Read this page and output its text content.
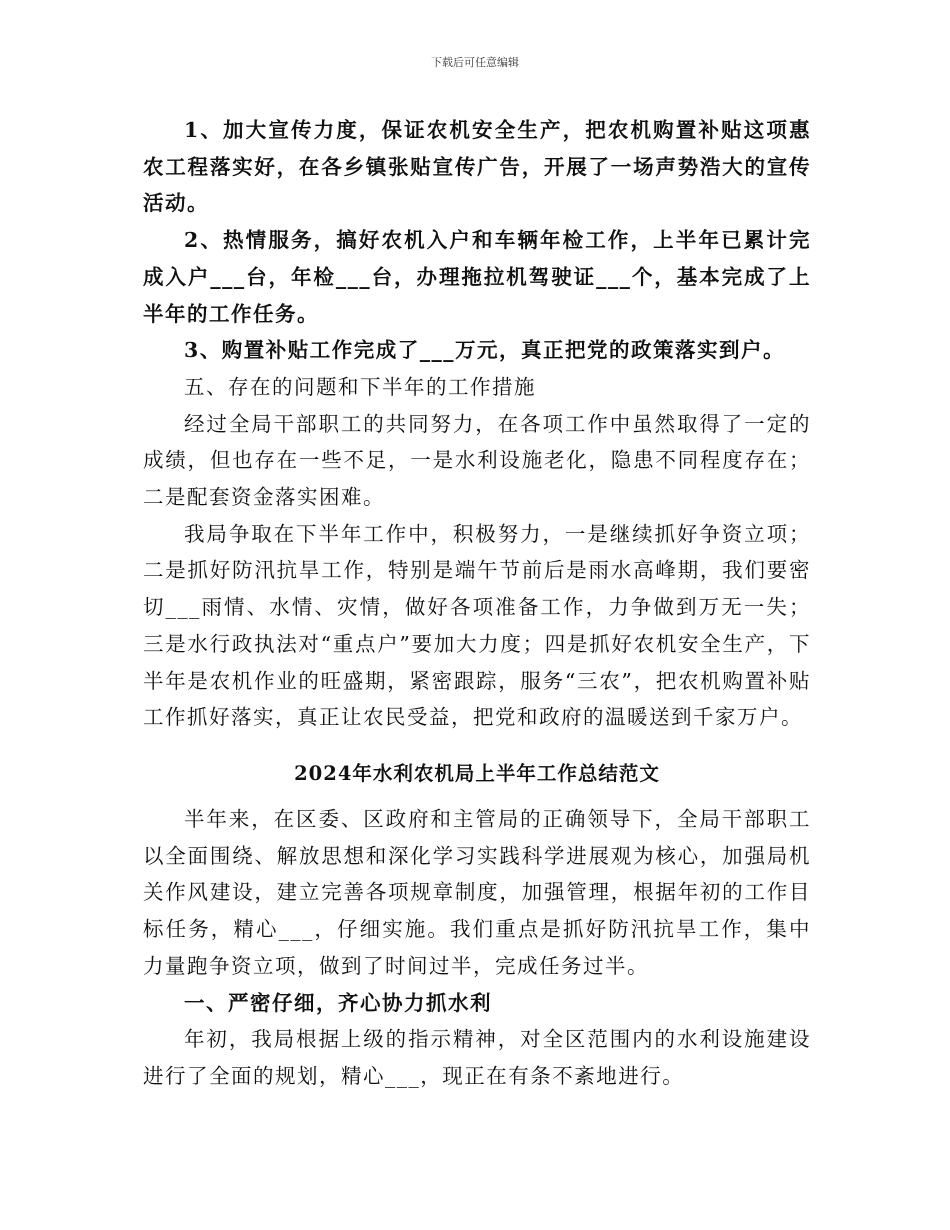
下载后可任意编辑

1、加大宣传力度，保证农机安全生产，把农机购置补贴这项惠农工程落实好，在各乡镇张贴宣传广告，开展了一场声势浩大的宣传活动。

2、热情服务，搞好农机入户和车辆年检工作，上半年已累计完成入户___台，年检___台，办理拖拉机驾驶证___个，基本完成了上半年的工作任务。

3、购置补贴工作完成了___万元，真正把党的政策落实到户。

五、存在的问题和下半年的工作措施

经过全局干部职工的共同努力，在各项工作中虽然取得了一定的成绩，但也存在一些不足，一是水利设施老化，隐患不同程度存在；二是配套资金落实困难。

我局争取在下半年工作中，积极努力，一是继续抓好争资立项；二是抓好防汛抗旱工作，特别是端午节前后是雨水高峰期，我们要密切___雨情、水情、灾情，做好各项准备工作，力争做到万无一失；三是水行政执法对“重点户”要加大力度；四是抓好农机安全生产，下半年是农机作业的旺盛期，紧密跟踪，服务“三农”，把农机购置补贴工作抓好落实，真正让农民受益，把党和政府的温暖送到千家万户。

2024年水利农机局上半年工作总结范文

半年来，在区委、区政府和主管局的正确领导下，全局干部职工以全面围绕、解放思想和深化学习实践科学进展观为核心，加强局机关作风建设，建立完善各项规章制度，加强管理，根据年初的工作目标任务，精心___，仔细实施。我们重点是抓好防汛抗旱工作，集中力量跑争资立项，做到了时间过半，完成任务过半。

一、严密仔细，齐心协力抓水利

年初，我局根据上级的指示精神，对全区范围内的水利设施建设进行了全面的规划，精心___，现正在有条不紊地进行。
